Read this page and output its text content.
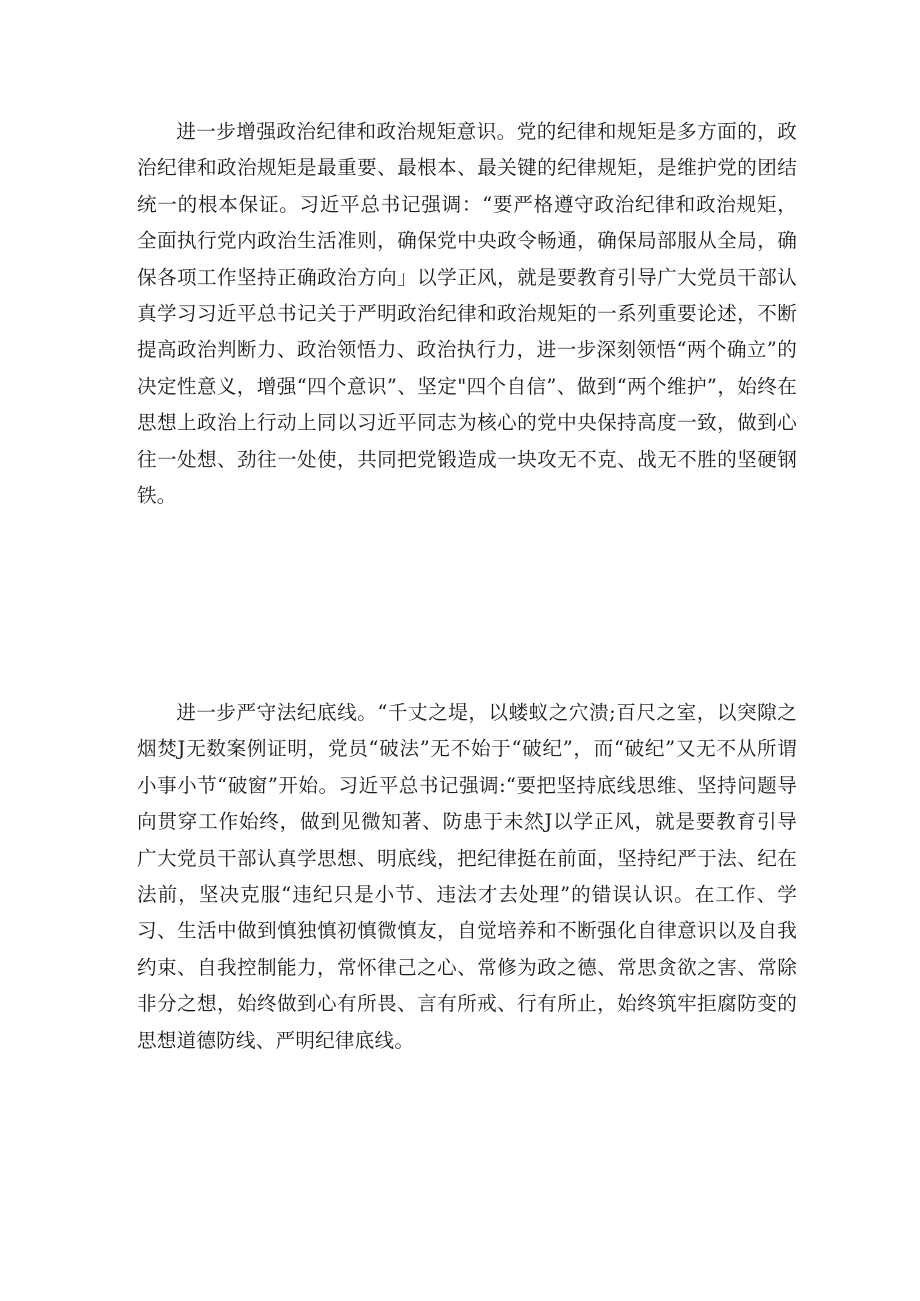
进一步增强政治纪律和政治规矩意识。党的纪律和规矩是多方面的，政治纪律和政治规矩是最重要、最根本、最关键的纪律规矩，是维护党的团结统一的根本保证。习近平总书记强调：“要严格遵守政治纪律和政治规矩，全面执行党内政治生活准则，确保党中央政令畅通，确保局部服从全局，确保各项工作坚持正确政治方向」以学正风，就是要教育引导广大党员干部认真学习习近平总书记关于严明政治纪律和政治规矩的一系列重要论述，不断提高政治判断力、政治领悟力、政治执行力，进一步深刻领悟“两个确立”的决定性意义，增强“四个意识”、坚定"四个自信”、做到“两个维护”，始终在思想上政治上行动上同以习近平同志为核心的党中央保持高度一致，做到心往一处想、劲往一处使，共同把党锻造成一块攻无不克、战无不胜的坚硬钢铁。

进一步严守法纪底线。“千丈之堤，以蝼蚁之穴溃;百尺之室，以突隙之烟焚J无数案例证明，党员“破法”无不始于“破纪”，而“破纪”又无不从所谓小事小节“破窗”开始。习近平总书记强调:“要把坚持底线思维、坚持问题导向贯穿工作始终，做到见微知著、防患于未然J以学正风，就是要教育引导广大党员干部认真学思想、明底线，把纪律挺在前面，坚持纪严于法、纪在法前，坚决克服“违纪只是小节、违法才去处理”的错误认识。在工作、学习、生活中做到慎独慎初慎微慎友，自觉培养和不断强化自律意识以及自我约束、自我控制能力，常怀律己之心、常修为政之德、常思贪欲之害、常除非分之想，始终做到心有所畏、言有所戒、行有所止，始终筑牢拒腐防变的思想道德防线、严明纪律底线。
